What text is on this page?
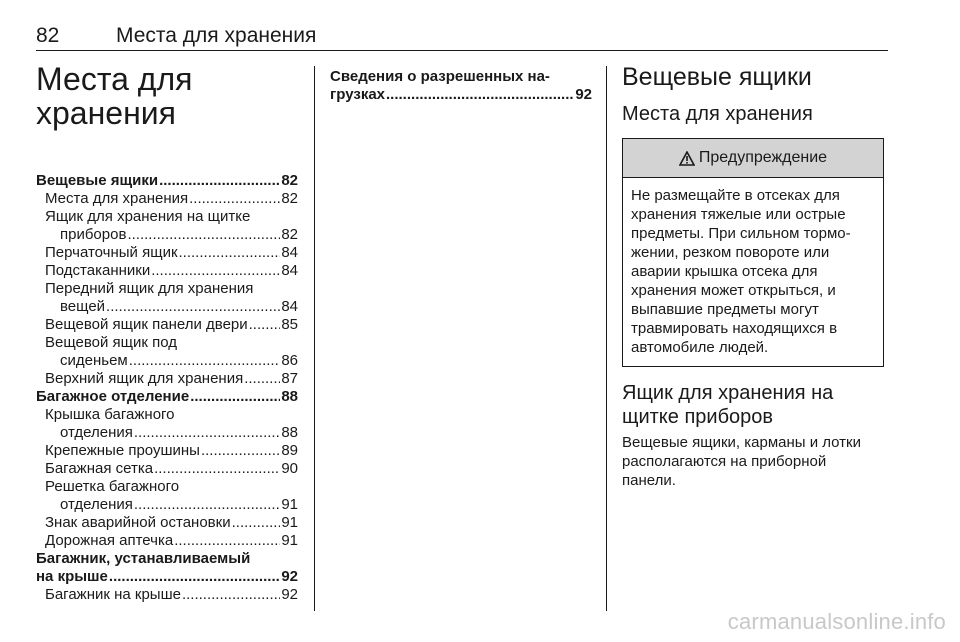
82	Места для хранения
Места для
хранения
Вещевые ящики .....	82
Места для хранения .....	82
Ящик для хранения на щитке
приборов .....	82
Перчаточный ящик .....	84
Подстаканники .....	84
Передний ящик для хранения
вещей .....	84
Вещевой ящик панели двери ..... 85
Вещевой ящик под
сиденьем .....	86
Верхний ящик для хранения .....	87
Багажное отделение .....	88
Крышка багажного
отделения .....	88
Крепежные проушины .....	89
Багажная сетка .....	90
Решетка багажного
отделения .....	91
Знак аварийной остановки .....	91
Дорожная аптечка .....	91
Багажник, устанавливаемый
на крыше .....	92
Багажник на крыше .....	92
Сведения о разрешенных на-
грузках .....	92
Вещевые ящики
Места для хранения
Предупреждение
Не размещайте в отсеках для
хранения тяжелые или острые
предметы. При сильном тормо-
жении, резком повороте или
аварии крышка отсека для
хранения может открыться, и
выпавшие предметы могут
травмировать находящихся в
автомобиле людей.
Ящик для хранения на
щитке приборов
Вещевые ящики, карманы и лотки
располагаются на приборной
панели.
carmanualsonline.info
